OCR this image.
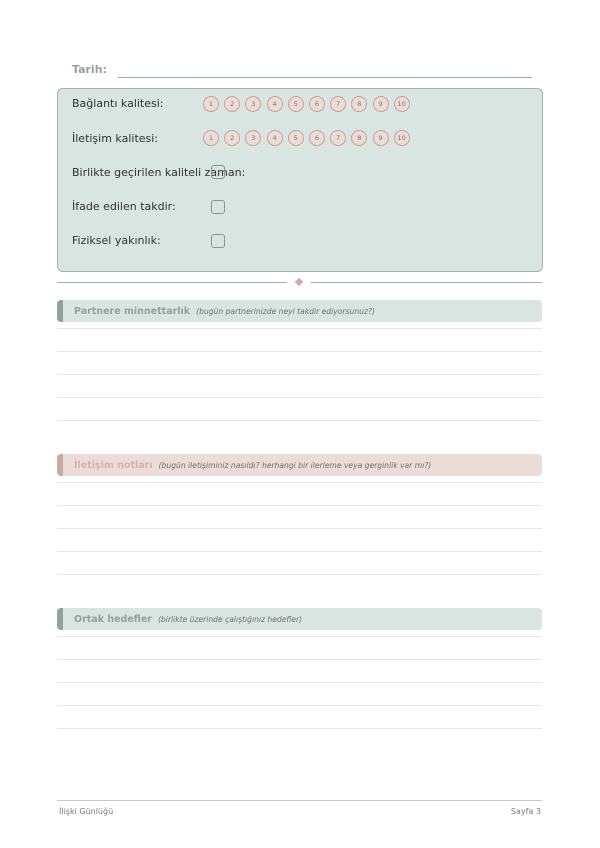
Tarih:
Bağlantı kalitesi:	1	2	3	4	5	6	7	8	9	10
İletişim kalitesi:	1	2	3	4	5	6	7	8	9	10
Birlikte geçirilen kaliteli zaman:
İfade edilen takdir:
Fiziksel yakınlık:
Partnere minnettarlık (bugün partnerinizde neyi takdir ediyorsunuz?)
İletişim notları (bugün iletişiminiz nasıldı? herhangi bir ilerleme veya gerginlik var mı?)
Ortak hedefler (birlikte üzerinde çalıştığınız hedefler)
İlişki Günlüğü	Sayfa 3
